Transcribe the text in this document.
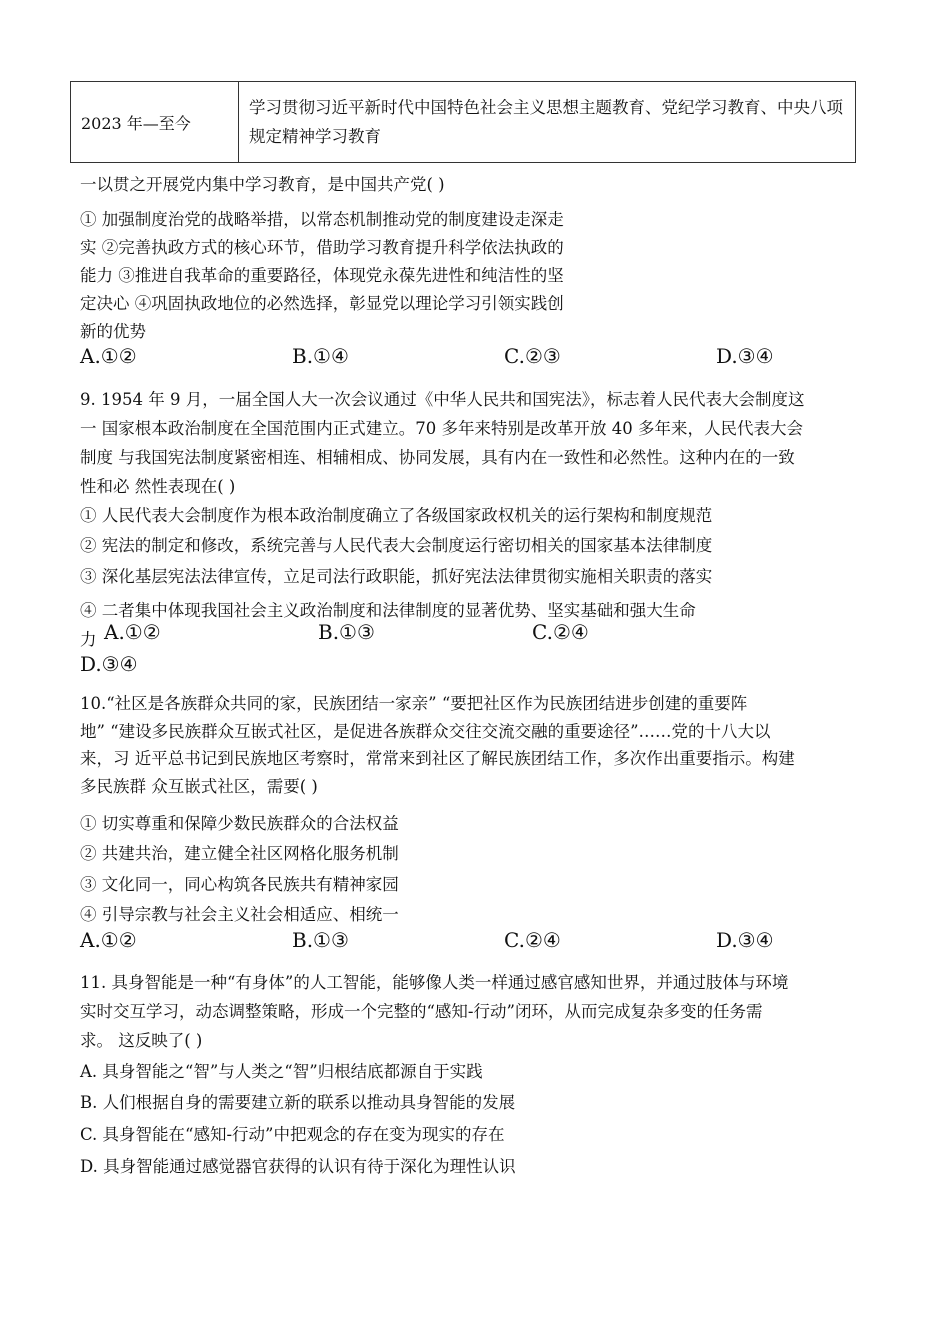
2023 年—至今	学习贯彻习近平新时代中国特色社会主义思想主题教育、党纪学习教育、中央八项规定精神学习教育
一以贯之开展党内集中学习教育，是中国共产党( )
① 加强制度治党的战略举措，以常态机制推动党的制度建设走深走
实 ②完善执政方式的核心环节，借助学习教育提升科学依法执政的
能力 ③推进自我革命的重要路径，体现党永葆先进性和纯洁性的坚
定决心 ④巩固执政地位的必然选择，彰显党以理论学习引领实践创
新的优势
A.①②	B.①④	C.②③	D.③④
9. 1954 年 9 月，一届全国人大一次会议通过《中华人民共和国宪法》，标志着人民代表大会制度这
一 国家根本政治制度在全国范围内正式建立。70 多年来特别是改革开放 40 多年来，人民代表大会
制度 与我国宪法制度紧密相连、相辅相成、协同发展，具有内在一致性和必然性。这种内在的一致
性和必 然性表现在( )
① 人民代表大会制度作为根本政治制度确立了各级国家政权机关的运行架构和制度规范
② 宪法的制定和修改，系统完善与人民代表大会制度运行密切相关的国家基本法律制度
③ 深化基层宪法法律宣传，立足司法行政职能，抓好宪法法律贯彻实施相关职责的落实
④ 二者集中体现我国社会主义政治制度和法律制度的显著优势、坚实基础和强大生命
力 A.①②	B.①③	C.②④
D.③④
10.“社区是各族群众共同的家，民族团结一家亲” “要把社区作为民族团结进步创建的重要阵
地” “建设多民族群众互嵌式社区，是促进各族群众交往交流交融的重要途径”……党的十八大以
来，习 近平总书记到民族地区考察时，常常来到社区了解民族团结工作，多次作出重要指示。构建
多民族群 众互嵌式社区，需要( )
① 切实尊重和保障少数民族群众的合法权益
② 共建共治，建立健全社区网格化服务机制
③ 文化同一，同心构筑各民族共有精神家园
④ 引导宗教与社会主义社会相适应、相统一
A.①②	B.①③	C.②④	D.③④
11. 具身智能是一种“有身体”的人工智能，能够像人类一样通过感官感知世界，并通过肢体与环境
实时交互学习，动态调整策略，形成一个完整的“感知-行动”闭环，从而完成复杂多变的任务需
求。 这反映了( )
A. 具身智能之“智”与人类之“智”归根结底都源自于实践
B. 人们根据自身的需要建立新的联系以推动具身智能的发展
C. 具身智能在“感知-行动”中把观念的存在变为现实的存在
D. 具身智能通过感觉器官获得的认识有待于深化为理性认识
